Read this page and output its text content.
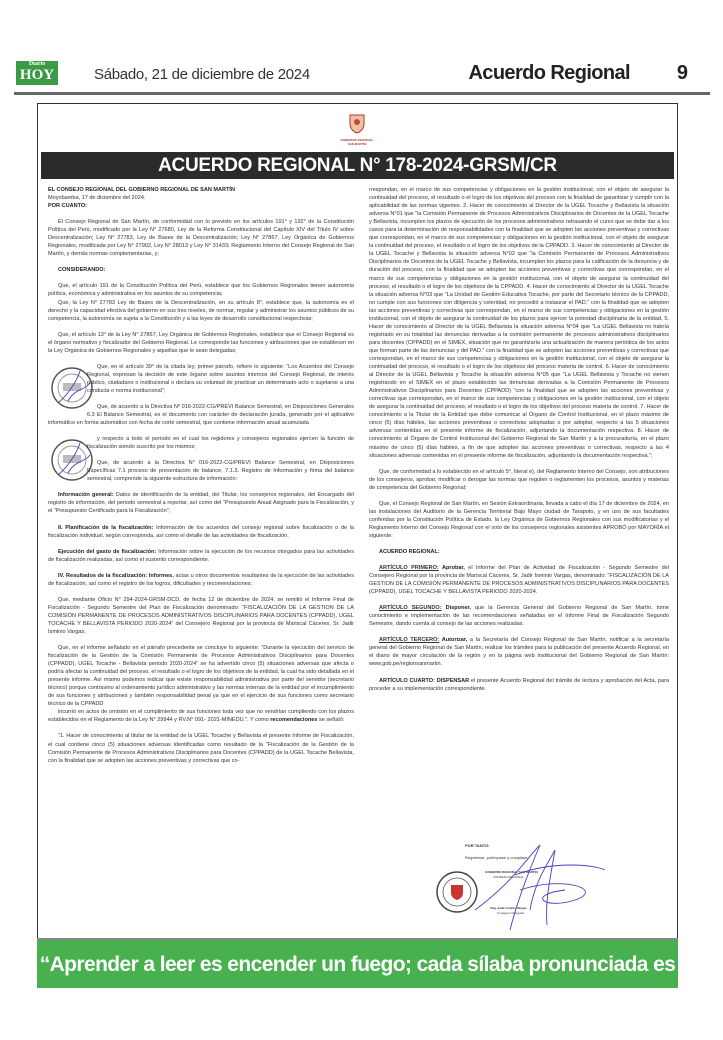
Diario
HOY	Sábado, 21 de diciembre de 2024	Acuerdo Regional 9
GOBIERNO REGIONAL
SAN MARTÍN
ACUERDO REGIONAL N° 178-2024-GRSM/CR

EL CONSEJO REGIONAL DEL GOBIERNO REGIONAL DE SAN MARTÍN

Moyobamba, 17 de diciembre del 2024.

POR CUANTO:

El Consejo Regional de San Martín, de conformidad con lo previsto en los artículos 191° y 192° de la Constitución Política del Perú, modificado por la Ley N° 27680, Ley de la Reforma Constitucional del Capítulo XIV del Título IV sobre Descentralización; Ley N° 27783, Ley de Bases de la Descentralización; Ley N° 27867, Ley Orgánica de Gobiernos Regionales, modificada por Ley N° 27902, Ley N° 28013 y Ley N° 31433; Reglamento Interno del Consejo Regional de San Martín, y demás normas complementarias, y;

CONSIDERANDO:

Que, el artículo 191 de la Constitución Política del Perú, establece que los Gobiernos Regionales tienen autonomía política, económica y administrativa en los asuntos de su competencia;

Que, la Ley N° 27783 Ley de Bases de la Descentralización, en su artículo 8°, establece que, la autonomía es el derecho y la capacidad efectiva del gobierno en sus tres niveles, de normar, regular y administrar los asuntos públicos de su competencia, la autonomía se sujeta a la Constitución y a las leyes de desarrollo constitucional respectivas;

Que, el artículo 13° de la Ley N° 27867, Ley Orgánica de Gobiernos Regionales, establece que el Consejo Regional es el órgano normativo y fiscalizador del Gobierno Regional. Le corresponde las funciones y atribuciones que se establecen en la Ley Orgánica de Gobiernos Regionales y aquellas que le sean delegadas;

Que, en el artículo 39° de la citada ley, primer párrafo, refiere lo siguiente: “Los Acuerdos del Consejo Regional, expresan la decisión de este órgano sobre asuntos internos del Consejo Regional, de interés público, ciudadano o institucional o declara su voluntad de practicar un determinado acto o sujetarse a una conducta o norma institucional”;

Que, de acuerdo a la Directiva Nº 016-2022-CG/PREVI Balance Semestral, en Disposiciones Generales 6.3 El Balance Semestral, es el documento con carácter de declaración jurada, generado por el aplicativo informático en forma automático con fecha de corte semestral, que contiene información anual acumulada

y respecto a todo el periodo en el cual los regidores y consejeros regionales ejercen la función de fiscalización siendo suscrito por los mismos;

Que, de acuerdo a la Directiva N° 016-2022-CG/PREVI Balance Semestral, en Disposiciones Específicas 7.1 proceso de presentación de balance, 7.1.3. Registro de Información y firma del balance semestral, comprende la siguiente estructura de información:

Información general: Datos de identificación de la entidad, del Titular, los consejeros regionales, del Encargado del registro de información, del periodo semestral a reportar, así como del “Presupuesto Anual Asignado para la Fiscalización, y el “Presupuesto Certificado para la Fiscalización”;

II. Planificación de la fiscalización: Información de los acuerdos del consejo regional sobre fiscalización o de la fiscalización individual, según corresponda, así como el detalle de las actividades de fiscalización.

Ejecución del gasto de fiscalización: Información sobre la ejecución de los recursos otorgados para las actividades de fiscalización realizadas, así como el sustento correspondiente.

IV. Resultados de la fiscalización: Informes, actas u otros documentos resultantes de la ejecución de las actividades de fiscalización, así como el registro de los logros, dificultades y recomendaciones;

Que, mediante Oficio N° 294-2024-GRSM-DCD, de fecha 12 de diciembre de 2024, se remitió el Informe Final de Fiscalización - Segundo Semestre del Plan de Fiscalización denominado: “FISCALIZACIÓN DE LA GESTION DE LA COMISIÓN PERMANENTE DE PROCESOS ADMINISTRATIVOS DISCIPLINARIOS PARA DOCENTES (CPPADD), UGEL TOCACHE Y BELLAVISTA PERIODO 2020-2024” del Consejero Regional por la provincia de Mariscal Cáceres, Sr. Jadir Isminio Vargas;

Que, en el informe señalado en el párrafo precedente se concluye lo siguiente: “Durante la ejecución del servicio de fiscalización de la Gestión de la Comisión Permanente de Procesos Administrativos Disciplinarios para Docentes (CPPADD), UGEL Tocache - Bellavista periodo 2020-2024” se ha advertido cinco (5) situaciones adversas que afecta o podría afectar la continuidad del proceso, el resultado o el logro de los objetivos de la entidad, la cual ha sido detallada en el presente informe. Así mismo podemos indicar que existe responsabilidad administrativa por parte del servidor (secretario técnico) porque contravino al ordenamiento jurídico administrativo y las normas internas de la entidad por el incumplimiento de sus funciones y atribuciones y también responsabilidad penal ya que en el ejercicio de sus funciones como secretario técnico de la CPPADD

incurrió en actos de omisión en el cumplimiento de sus funciones toda vez que no vendrían cumpliendo con los plazos establecidos en el Reglamento de la Ley N° 29944 y RV.N° 091- 2021-MINEDU.”. Y como recomendaciones se señaló:

“1. Hacer de conocimiento al titular de la entidad de la UGEL Tocache y Bellavista el presente Informe de Fiscalización, el cual contiene cinco (5) situaciones adversas identificadas como resultado de la “Fiscalización de la Gestión de la Comisión Permanente de Procesos Administrativos Disciplinarios para Docentes (CPPADD) de la UGEL Tocache Bellavista, con la finalidad que se adopten las acciones preventivas y correctivas que co-

rrespondan, en el marco de sus competencias y obligaciones en la gestión institucional, con el objeto de asegurar la continuidad del proceso, el resultado o el logro de los objetivos del proceso con la finalidad de garantizar y cumplir con la aplicabilidad de las normas vigentes. 2. Hacer de conocimiento al Director de la UGEL Tocache y Bellavista la situación adversa N°01 que “la Comisión Permanente de Procesos Administrativos Disciplinarios de Docentes de la UGEL Tocache y Bellavista, incumplen los plazos de ejecución de los procesos administrativos retrasando el curso que se debe dar a los casos para la determinación de responsabilidades con la finalidad que se adopten las acciones preventivas y correctivas que correspondan, en el marco de sus competencias y obligaciones en la gestión institucional, con el objeto de asegurar la continuidad del proceso, el resultado o el logro de los objetivos de la CPPADD. 3. Hacer de conocimiento al Director de la UGEL Tocache y Bellavista la situación adversa N°02 que “la Comisión Permanente de Procesos Administrativos Disciplinarios de Docentes de la UGEL Tocache y Bellavista, incumplen los plazos para la calificación de la denuncia y de duración del proceso, con la finalidad que se adopten las acciones preventivas y correctivas que correspondan, en el marco de sus competencias y obligaciones en la gestión institucional, con el objeto de asegurar la continuidad del proceso, el resultado o el logro de los objetivos de la CPPADD. 4. Hacer de conocimiento al Director de la UGEL Tocache la situación adversa N°03 que “La Unidad de Gestión Educativa Tocache, por parte del Secretario técnico de la CPPADD, no cumple con sus funciones con diligencia y celeridad, no procedió a instaurar el PAD.” con la finalidad que se adopten las acciones preventivas y correctivas que correspondan, en el marco de sus competencias y obligaciones en la gestión institucional, con el objeto de asegurar la continuidad de los plazos para ejercer la potestad disciplinaria de la entidad. 5. Hacer de conocimiento al Director de la UGEL Bellavista la situación adversa N°04 que “La UGEL Bellavista no habría registrado en su totalidad las denuncias derivadas a la comisión permanente de procesos administrativos disciplinarios para docentes (CPPADD) en el SIMEX, situación que no garantizaría una actualización de manera periódica de los actos que forman parte de las denuncias y del PAD.” con la finalidad que se adopten las acciones preventivas y correctivas que correspondan, en el marco de sus competencias y obligaciones en la gestión institucional, con el objeto de asegurar la continuidad del proceso, el resultado o el logro de los objetivos del proceso materia de control. 6. Hacer de conocimiento al Director de la UGEL Bellavista y Tocache la situación adversa N°05 que “La UGEL Bellavista y Tocache no vienen registrando en el SIMEX en el plazo establecido las denuncias derivadas a la Comisión Permanente de Procesos Administrativos Disciplinarios para Docentes (CPPADD) “con la finalidad que se adopten las acciones preventivas y correctivas que correspondan, en el marco de sus competencias y obligaciones en la gestión institucional, con el objeto de asegurar la continuidad del proceso, el resultado o el logro de los objetivos del proceso materia de control. 7. Hacer de conocimiento a la Titular de la Entidad que debe comunicar al Órgano de Control Institucional, en el plazo máximo de cinco (5) días hábiles, las acciones preventivas o correctivas adoptadas o por adoptar, respecto a las 5 situaciones adversas contenidas en el presente informe de fiscalización, adjuntando la documentación respectiva. 8. Hacer de conocimiento al Órgano de Control Institucional del Gobierno Regional de San Martín y a la procuraduría, en el plazo máximo de cinco (5) días hábiles, a fin de que adopten las acciones preventivas o correctivas, respecto a las 4 situaciones adversas contenidas en el presente informe de fiscalización, adjuntando la documentación respectiva.”;

Que, de conformidad a lo establecido en el artículo 5°, literal e), del Reglamento Interno del Consejo, son atribuciones de los consejeros, aprobar, modificar o derogar las normas que regulen o reglamenten los procesos, asuntos y materias de competencia del Gobierno Regional;

Que, el Consejo Regional de San Martín, en Sesión Extraordinaria, llevada a cabo el día 17 de diciembre de 2024, en las instalaciones del Auditorio de la Gerencia Territorial Bajo Mayo ciudad de Tarapoto, y en uso de sus facultades conferidas por la Constitución Política de Estado, la Ley Orgánica de Gobiernos Regionales con sus modificatorias y el Reglamento Interno del Consejo Regional con el voto de los consejeros regionales asistentes APROBÓ por MAYORÍA el siguiente:

ACUERDO REGIONAL:

ARTÍCULO PRIMERO: Aprobar, el Informe del Plan de Actividad de Fiscalización - Segundo Semestre del Consejero Regional por la provincia de Mariscal Cáceres, Sr. Jadir Isminio Vargas, denominado: “FISCALIZACIÓN DE LA GESTION DE LA COMISIÓN PERMANENTE DE PROCESOS ADMINISTRATIVOS DISCIPLINARIOS PARA DOCENTES (CPPADD), UGEL TOCACHE Y BELLAVISTA PERIODO 2020-2024.

ARTÍCULO SEGUNDO: Disponer, que la Gerencia General del Gobierno Regional de San Martín, tome conocimiento e implementación de las recomendaciones señaladas en el Informe Final de Fiscalización Segundo Semestre, dando cuenta al consejo de las acciones realizadas.

ARTÍCULO TERCERO: Autorizar, a la Secretaría del Consejo Regional de San Martín, notificar a la secretaría general del Gobierno Regional de San Martín, realizar los trámites para la publicación del presente Acuerdo Regional, en el diario de mayor circulación de la región y en la página web institucional del Gobierno Regional de San Martín: www.gob.pe/regionsanmartin.

ARTÍCULO CUARTO: DISPENSAR el presente Acuerdo Regional del trámite de lectura y aprobación del Acta, para proceder a su implementación correspondiente.

POR TANTO:
Regístrese, publíquese y cúmplase.
GOBIERNO REGIONAL SAN MARTÍN
CONSEJO REGIONAL
Abg. Jadir Isminio Vargas
Consejero Delegado
“Aprender a leer es encender un fuego; cada sílaba pronunciada es una chispa”.
